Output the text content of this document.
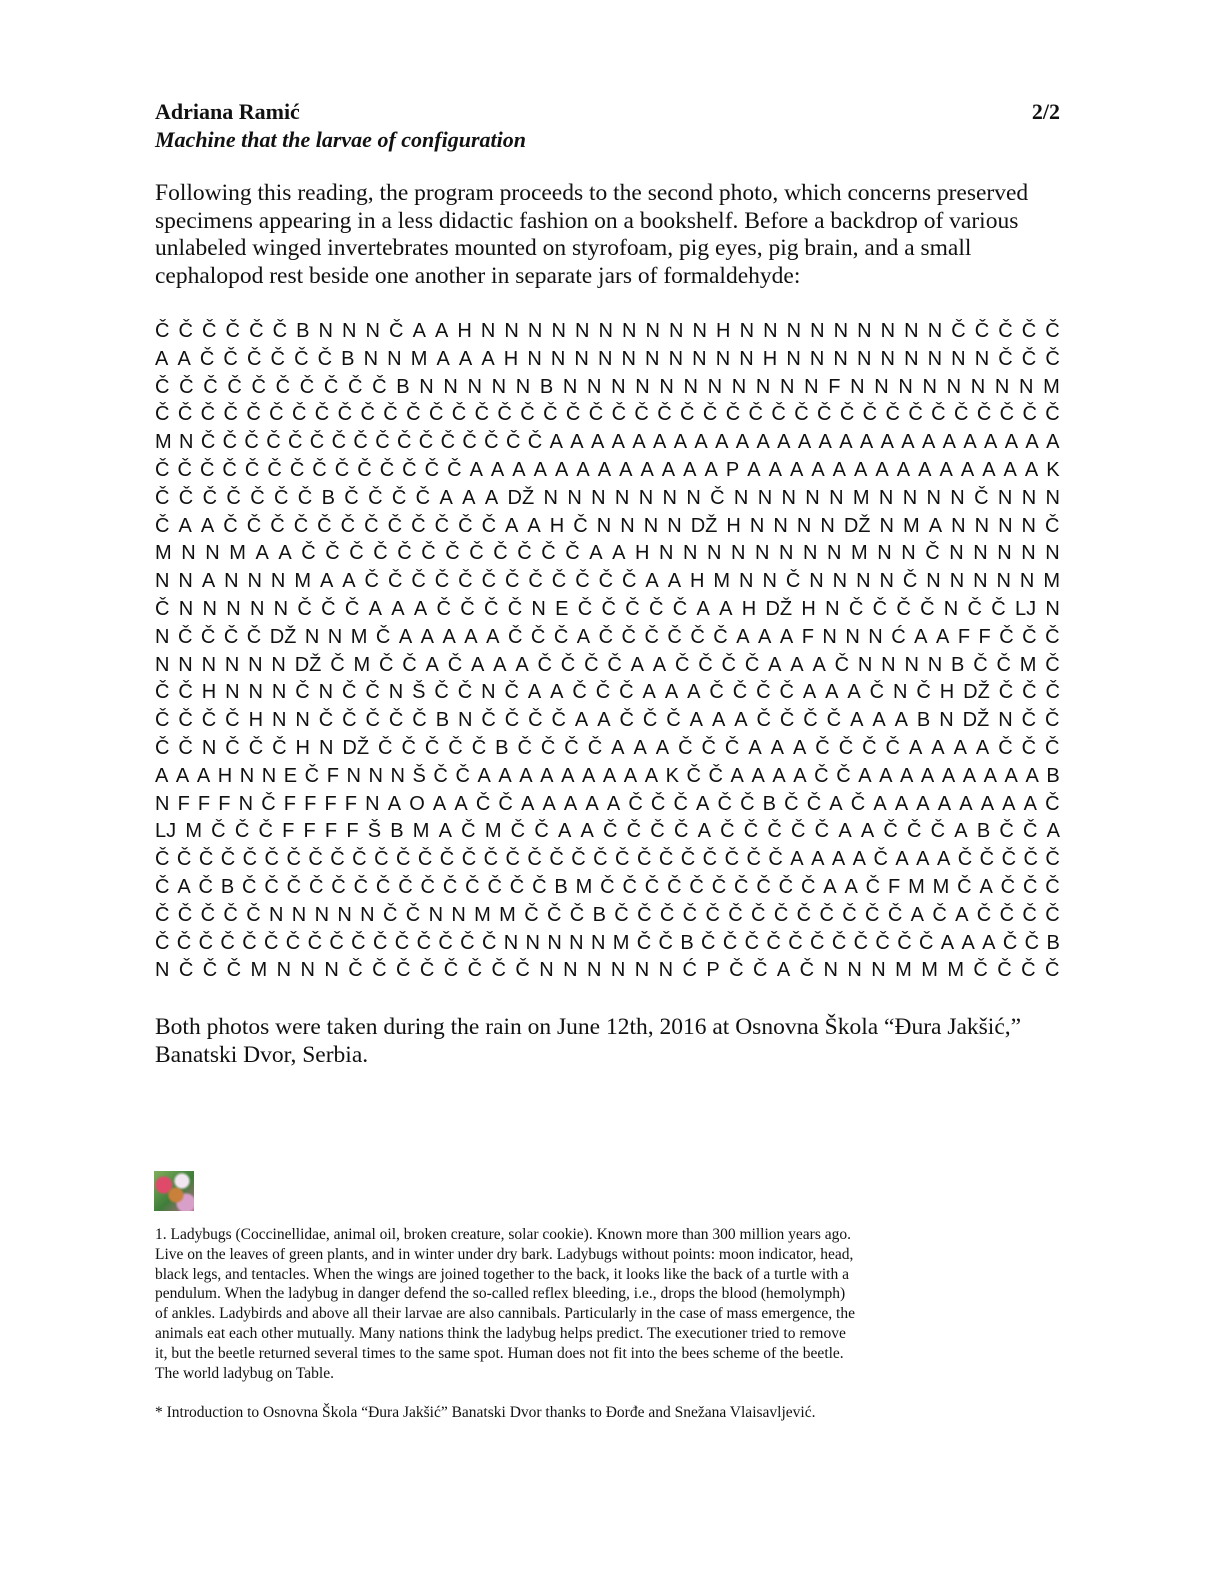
Adriana Ramić	2/2
Machine that the larvae of configuration
Following this reading, the program proceeds to the second photo, which concerns preserved specimens appearing in a less didactic fashion on a bookshelf. Before a backdrop of various unlabeled winged invertebrates mounted on styrofoam, pig eyes, pig brain, and a small cephalopod rest beside one another in separate jars of formaldehyde:
Č Č Č Č Č Č B N N N Č A A H N N N N N N N N N N H N N N N N N N N N Č Č Č Č Č
A A Č Č Č Č Č Č B N N M A A A H N N N N N N N N N N H N N N N N N N N N Č Č Č
Č Č Č Č Č Č Č Č Č Č B N N N N N B N N N N N N N N N N N F N N N N N N N N M
Č Č Č Č Č Č Č Č Č Č Č Č Č Č Č Č Č Č Č Č Č Č Č Č Č Č Č Č Č Č Č Č Č Č Č Č Č Č Č Č
M N Č Č Č Č Č Č Č Č Č Č Č Č Č Č Č Č A A A A A A A A A A A A A A A A A A A A A A A A A
Č Č Č Č Č Č Č Č Č Č Č Č Č Č A A A A A A A A A A A A P A A A A A A A A A A A A A A K
Č Č Č Č Č Č Č B Č Č Č Č A A A DŽ N N N N N N N Č N N N N N M N N N N Č N N N
Č A A Č Č Č Č Č Č Č Č Č Č Č Č A A H Č N N N N DŽ H N N N N DŽ N M A N N N N Č
M N N M A A Č Č Č Č Č Č Č Č Č Č Č Č A A H N N N N N N N N M N N Č N N N N N
N N A N N N M A A Č Č Č Č Č Č Č Č Č Č Č Č A A H M N N Č N N N N Č N N N N N M
Č N N N N N Č Č Č A A A Č Č Č Č N E Č Č Č Č Č A A H DŽ H N Č Č Č Č N Č Č LJ N
N Č Č Č Č DŽ N N M Č A A A A A Č Č Č A Č Č Č Č Č Č A A A F N N N Ć A A F F Č Č Č
N N N N N N DŽ Č M Č Č A Č A A A Č Č Č Č A A Č Č Č Č A A A Č N N N N B Č Č M Č
Č Č H N N N Č N Č Č N Š Č Č N Č A A Č Č Č A A A Č Č Č Č A A A Č N Č H DŽ Č Č Č
Č Č Č Č H N N Č Č Č Č Č B N Č Č Č Č A A Č Č Č A A A Č Č Č Č A A A B N DŽ N Č Č
Č Č N Č Č Č H N DŽ Č Č Č Č Č B Č Č Č Č A A A Č Č Č A A A Č Č Č Č A A A A Č Č Č
A A A H N N E Č F N N N Š Č Č A A A A A A A A A K Č Č A A A A Č Č A A A A A A A A A B
N F F F N Č F F F F N A O A A Č Č A A A A A Č Č Č A Č Č B Č Č A Č A A A A A A A A Č
LJ M Č Č Č F F F F Š B M A Č M Č Č A A Č Č Č Č A Č Č Č Č Č A A Č Č Č A B Č Č A
Č Č Č Č Č Č Č Č Č Č Č Č Č Č Č Č Č Č Č Č Č Č Č Č Č Č Č Č Č A A A A Č A A A Č Č Č Č Č
Č A Č B Č Č Č Č Č Č Č Č Č Č Č Č Č Č B M Č Č Č Č Č Č Č Č Č Č A A Č F M M Č A Č Č Č
Č Č Č Č Č N N N N N Č Č N N M M Č Č Č B Č Č Č Č Č Č Č Č Č Č Č Č Č A Č A Č Č Č Č
Č Č Č Č Č Č Č Č Č Č Č Č Č Č Č Č N N N N N M Č Č B Č Č Č Č Č Č Č Č Č Č Č A A A Č Č B
N Č Č Č M N N N Č Č Č Č Č Č Č Č N N N N N N Ć P Č Č A Č N N N M M M Č Č Č Č
Both photos were taken during the rain on June 12th, 2016 at Osnovna Škola “Đura Jakšić,” Banatski Dvor, Serbia.

1. Ladybugs (Coccinellidae, animal oil, broken creature, solar cookie). Known more than 300 million years ago. Live on the leaves of green plants, and in winter under dry bark. Ladybugs without points: moon indicator, head, black legs, and tentacles. When the wings are joined together to the back, it looks like the back of a turtle with a pendulum. When the ladybug in danger defend the so-called reflex bleeding, i.e., drops the blood (hemolymph) of ankles. Ladybirds and above all their larvae are also cannibals. Particularly in the case of mass emergence, the animals eat each other mutually. Many nations think the ladybug helps predict. The executioner tried to remove it, but the beetle returned several times to the same spot. Human does not fit into the bees scheme of the beetle. The world ladybug on Table.

* Introduction to Osnovna Škola “Đura Jakšić” Banatski Dvor thanks to Đorđe and Snežana Vlaisavljević.
